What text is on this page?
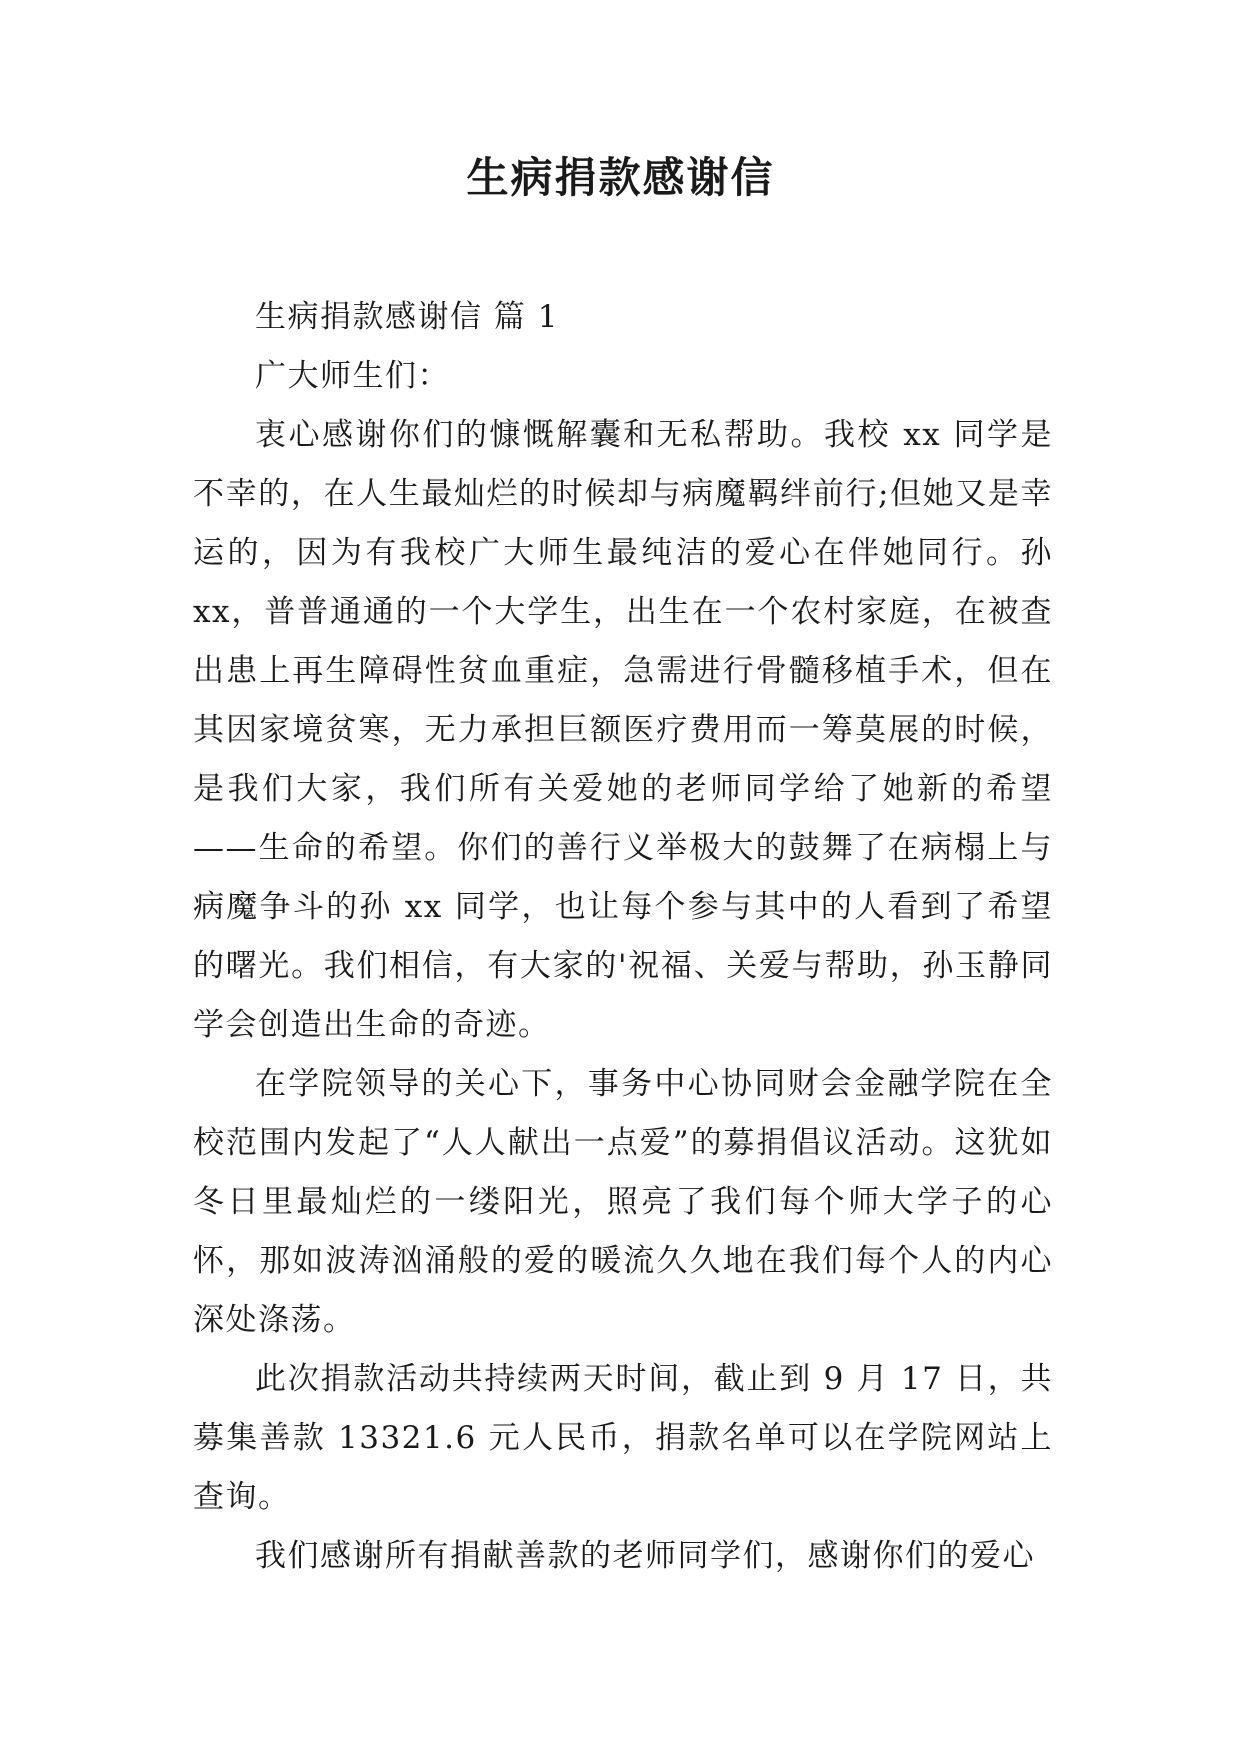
生病捐款感谢信

生病捐款感谢信 篇 1

广大师生们：

衷心感谢你们的慷慨解囊和无私帮助。我校 xx 同学是不幸的，在人生最灿烂的时候却与病魔羁绊前行;但她又是幸运的，因为有我校广大师生最纯洁的爱心在伴她同行。孙 xx，普普通通的一个大学生，出生在一个农村家庭，在被查出患上再生障碍性贫血重症，急需进行骨髓移植手术，但在其因家境贫寒，无力承担巨额医疗费用而一筹莫展的时候，是我们大家，我们所有关爱她的老师同学给了她新的希望——生命的希望。你们的善行义举极大的鼓舞了在病榻上与病魔争斗的孙 xx 同学，也让每个参与其中的人看到了希望的曙光。我们相信，有大家的'祝福、关爱与帮助，孙玉静同学会创造出生命的奇迹。

在学院领导的关心下，事务中心协同财会金融学院在全校范围内发起了“人人献出一点爱”的募捐倡议活动。这犹如冬日里最灿烂的一缕阳光，照亮了我们每个师大学子的心怀，那如波涛汹涌般的爱的暖流久久地在我们每个人的内心深处涤荡。

此次捐款活动共持续两天时间，截止到 9 月 17 日，共募集善款 13321.6 元人民币，捐款名单可以在学院网站上查询。

我们感谢所有捐献善款的老师同学们，感谢你们的爱心
